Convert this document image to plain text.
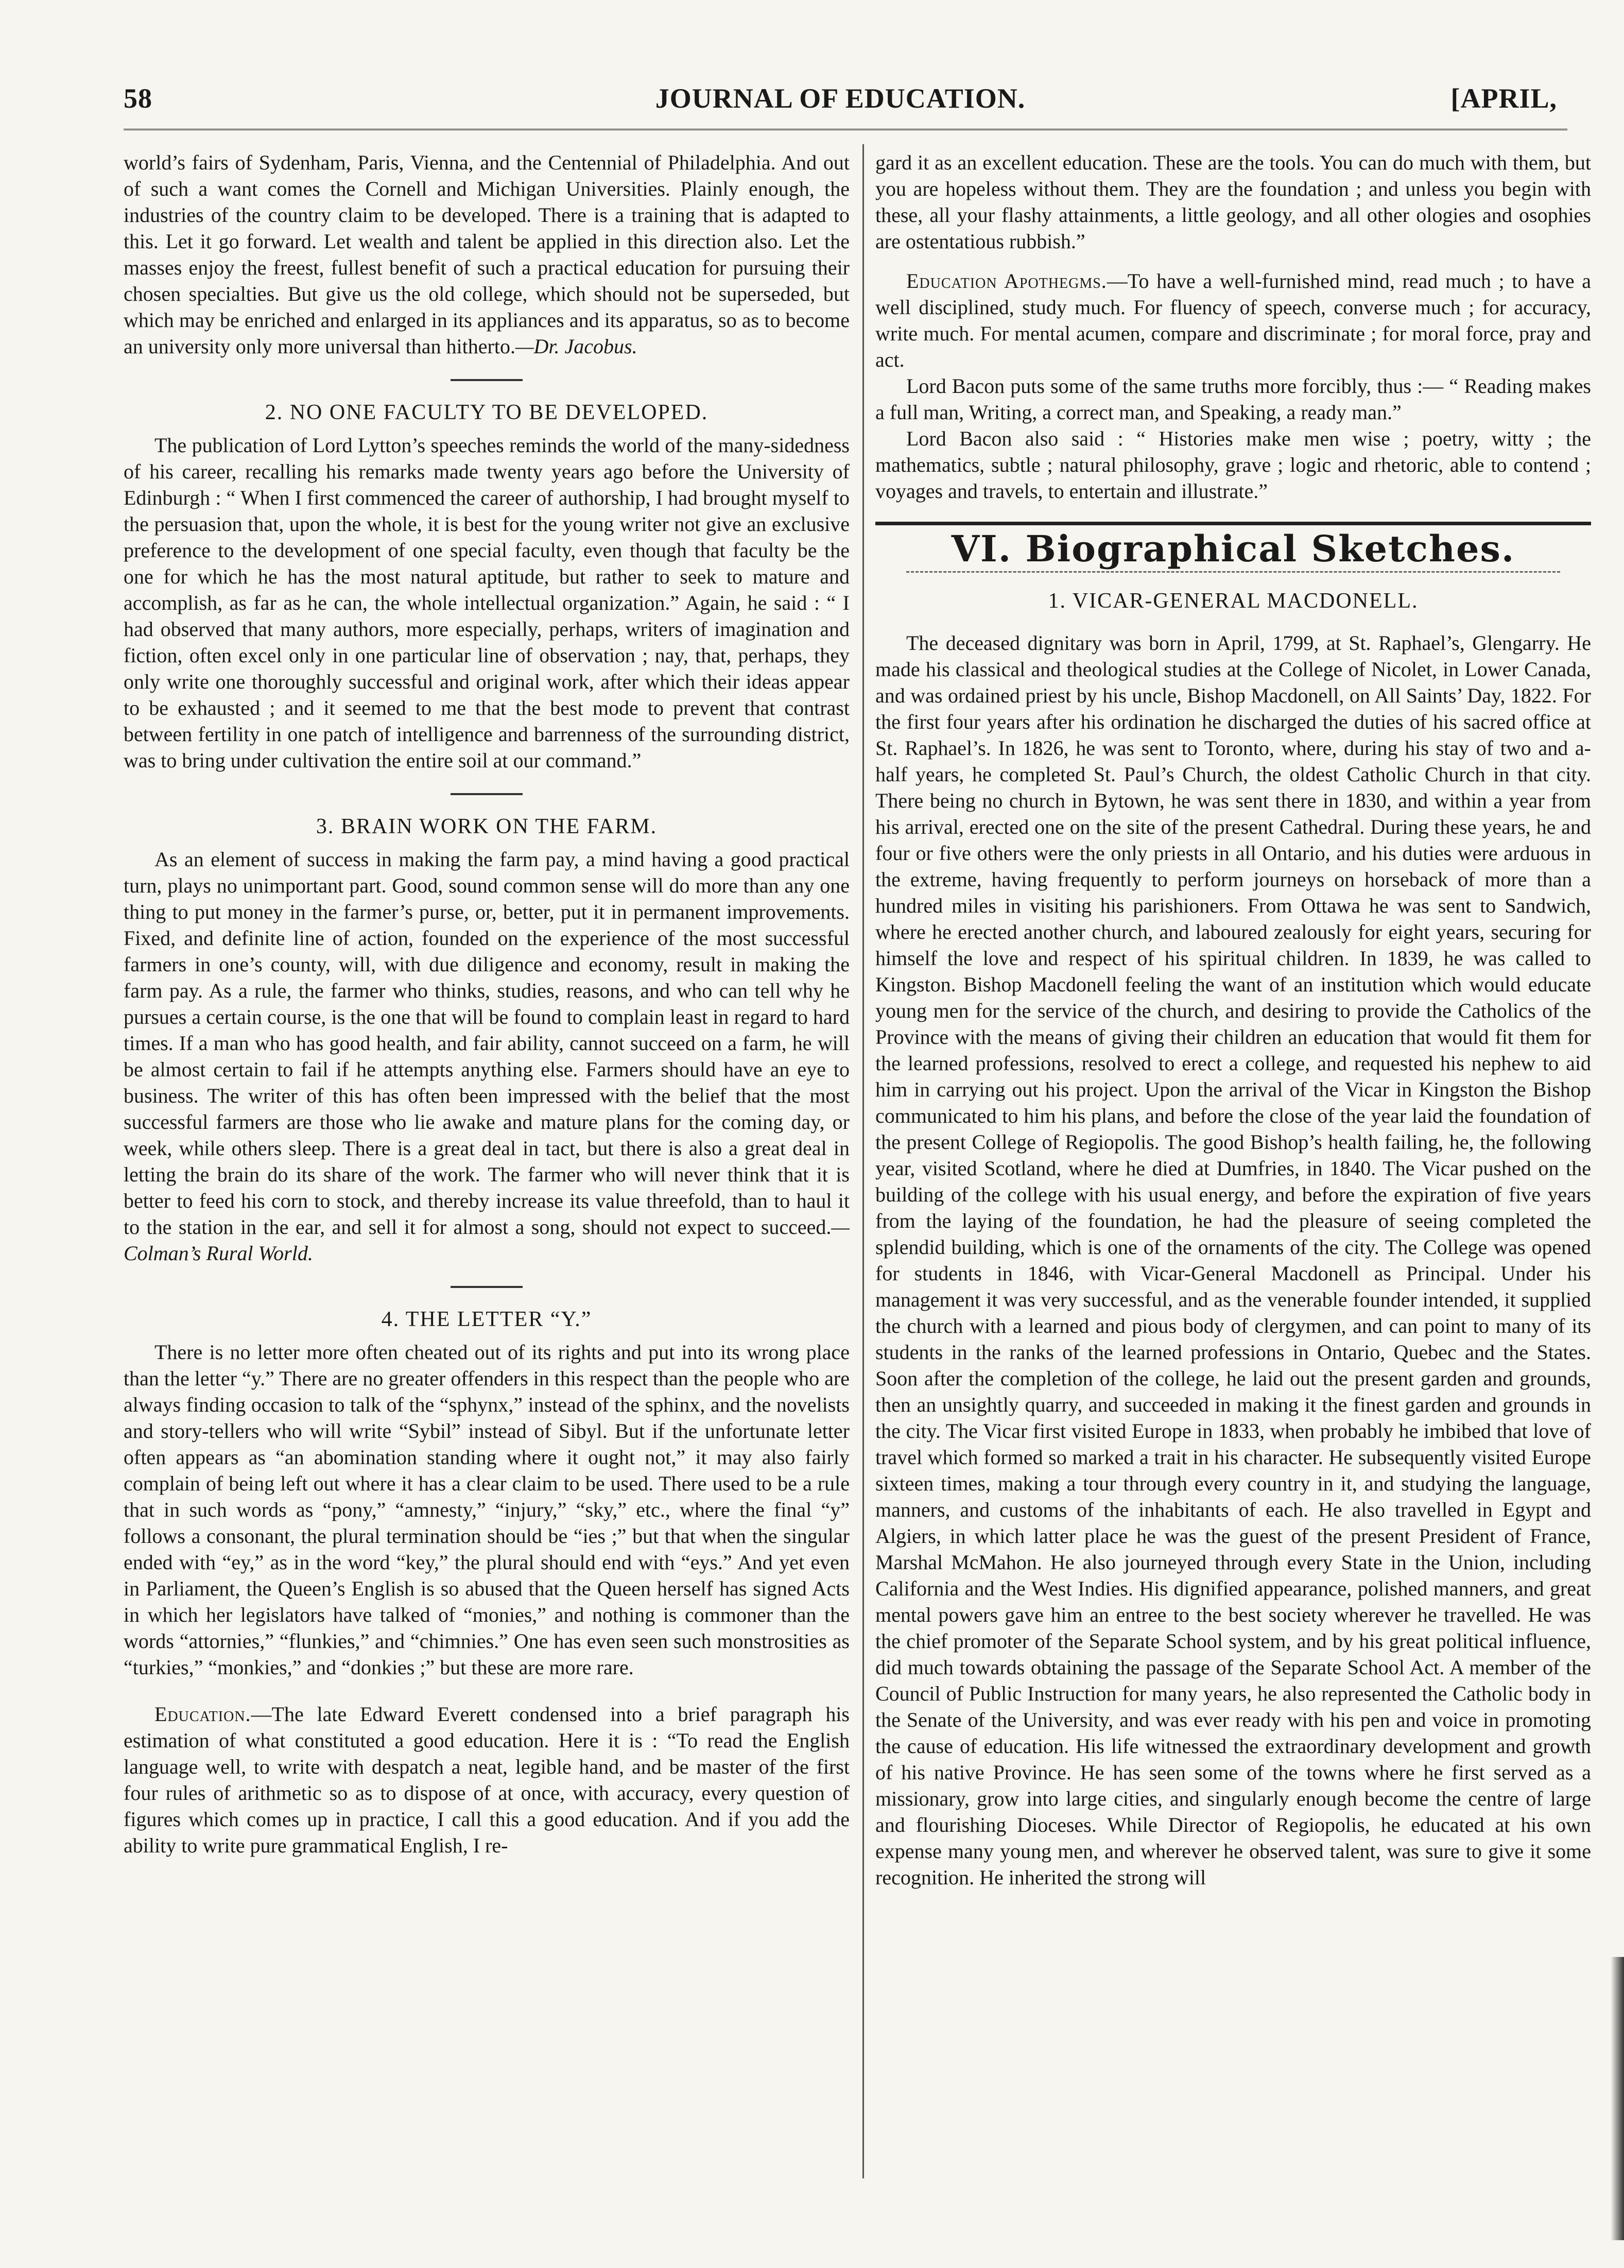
58	JOURNAL OF EDUCATION.	[APRIL,

world’s fairs of Sydenham, Paris, Vienna, and the Centennial of Philadelphia. And out of such a want comes the Cornell and Michigan Universities. Plainly enough, the industries of the country claim to be developed. There is a training that is adapted to this. Let it go forward. Let wealth and talent be applied in this direction also. Let the masses enjoy the freest, fullest benefit of such a practical education for pursuing their chosen specialties. But give us the old college, which should not be superseded, but which may be enriched and enlarged in its appliances and its apparatus, so as to become an university only more universal than hitherto.—Dr. Jacobus.

2. NO ONE FACULTY TO BE DEVELOPED.

The publication of Lord Lytton’s speeches reminds the world of the many-sidedness of his career, recalling his remarks made twenty years ago before the University of Edinburgh : “ When I first commenced the career of authorship, I had brought myself to the persuasion that, upon the whole, it is best for the young writer not give an exclusive preference to the development of one special faculty, even though that faculty be the one for which he has the most natural aptitude, but rather to seek to mature and accomplish, as far as he can, the whole intellectual organization.” Again, he said : “ I had observed that many authors, more especially, perhaps, writers of imagination and fiction, often excel only in one particular line of observation ; nay, that, perhaps, they only write one thoroughly successful and original work, after which their ideas appear to be exhausted ; and it seemed to me that the best mode to prevent that contrast between fertility in one patch of intelligence and barrenness of the surrounding district, was to bring under cultivation the entire soil at our command.”

3. BRAIN WORK ON THE FARM.

As an element of success in making the farm pay, a mind having a good practical turn, plays no unimportant part. Good, sound common sense will do more than any one thing to put money in the farmer’s purse, or, better, put it in permanent improvements. Fixed, and definite line of action, founded on the experience of the most successful farmers in one’s county, will, with due diligence and economy, result in making the farm pay. As a rule, the farmer who thinks, studies, reasons, and who can tell why he pursues a certain course, is the one that will be found to complain least in regard to hard times. If a man who has good health, and fair ability, cannot succeed on a farm, he will be almost certain to fail if he attempts anything else. Farmers should have an eye to business. The writer of this has often been impressed with the belief that the most successful farmers are those who lie awake and mature plans for the coming day, or week, while others sleep. There is a great deal in tact, but there is also a great deal in letting the brain do its share of the work. The farmer who will never think that it is better to feed his corn to stock, and thereby increase its value threefold, than to haul it to the station in the ear, and sell it for almost a song, should not expect to succeed.—Colman’s Rural World.

4. THE LETTER “Y.”

There is no letter more often cheated out of its rights and put into its wrong place than the letter “y.” There are no greater offenders in this respect than the people who are always finding occasion to talk of the “sphynx,” instead of the sphinx, and the novelists and story-tellers who will write “Sybil” instead of Sibyl. But if the unfortunate letter often appears as “an abomination standing where it ought not,” it may also fairly complain of being left out where it has a clear claim to be used. There used to be a rule that in such words as “pony,” “amnesty,” “injury,” “sky,” etc., where the final “y” follows a consonant, the plural termination should be “ies ;” but that when the singular ended with “ey,” as in the word “key,” the plural should end with “eys.” And yet even in Parliament, the Queen’s English is so abused that the Queen herself has signed Acts in which her legislators have talked of “monies,” and nothing is commoner than the words “attornies,” “flunkies,” and “chimnies.” One has even seen such monstrosities as “turkies,” “monkies,” and “donkies ;” but these are more rare.

Education.—The late Edward Everett condensed into a brief paragraph his estimation of what constituted a good education. Here it is : “To read the English language well, to write with despatch a neat, legible hand, and be master of the first four rules of arithmetic so as to dispose of at once, with accuracy, every question of figures which comes up in practice, I call this a good education. And if you add the ability to write pure grammatical English, I re-

gard it as an excellent education. These are the tools. You can do much with them, but you are hopeless without them. They are the foundation ; and unless you begin with these, all your flashy attainments, a little geology, and all other ologies and osophies are ostentatious rubbish.”

Education Apothegms.—To have a well-furnished mind, read much ; to have a well disciplined, study much. For fluency of speech, converse much ; for accuracy, write much. For mental acumen, compare and discriminate ; for moral force, pray and act.

Lord Bacon puts some of the same truths more forcibly, thus :— “ Reading makes a full man, Writing, a correct man, and Speaking, a ready man.”

Lord Bacon also said : “ Histories make men wise ; poetry, witty ; the mathematics, subtle ; natural philosophy, grave ; logic and rhetoric, able to contend ; voyages and travels, to entertain and illustrate.”

VI. Biographical Sketches.
1. VICAR-GENERAL MACDONELL.

The deceased dignitary was born in April, 1799, at St. Raphael’s, Glengarry. He made his classical and theological studies at the College of Nicolet, in Lower Canada, and was ordained priest by his uncle, Bishop Macdonell, on All Saints’ Day, 1822. For the first four years after his ordination he discharged the duties of his sacred office at St. Raphael’s. In 1826, he was sent to Toronto, where, during his stay of two and a-half years, he completed St. Paul’s Church, the oldest Catholic Church in that city. There being no church in Bytown, he was sent there in 1830, and within a year from his arrival, erected one on the site of the present Cathedral. During these years, he and four or five others were the only priests in all Ontario, and his duties were arduous in the extreme, having frequently to perform journeys on horseback of more than a hundred miles in visiting his parishioners. From Ottawa he was sent to Sandwich, where he erected another church, and laboured zealously for eight years, securing for himself the love and respect of his spiritual children. In 1839, he was called to Kingston. Bishop Macdonell feeling the want of an institution which would educate young men for the service of the church, and desiring to provide the Catholics of the Province with the means of giving their children an education that would fit them for the learned professions, resolved to erect a college, and requested his nephew to aid him in carrying out his project. Upon the arrival of the Vicar in Kingston the Bishop communicated to him his plans, and before the close of the year laid the foundation of the present College of Regiopolis. The good Bishop’s health failing, he, the following year, visited Scotland, where he died at Dumfries, in 1840. The Vicar pushed on the building of the college with his usual energy, and before the expiration of five years from the laying of the foundation, he had the pleasure of seeing completed the splendid building, which is one of the ornaments of the city. The College was opened for students in 1846, with Vicar-General Macdonell as Principal. Under his management it was very successful, and as the venerable founder intended, it supplied the church with a learned and pious body of clergymen, and can point to many of its students in the ranks of the learned professions in Ontario, Quebec and the States. Soon after the completion of the college, he laid out the present garden and grounds, then an unsightly quarry, and succeeded in making it the finest garden and grounds in the city. The Vicar first visited Europe in 1833, when probably he imbibed that love of travel which formed so marked a trait in his character. He subsequently visited Europe sixteen times, making a tour through every country in it, and studying the language, manners, and customs of the inhabitants of each. He also travelled in Egypt and Algiers, in which latter place he was the guest of the present President of France, Marshal McMahon. He also journeyed through every State in the Union, including California and the West Indies. His dignified appearance, polished manners, and great mental powers gave him an entree to the best society wherever he travelled. He was the chief promoter of the Separate School system, and by his great political influence, did much towards obtaining the passage of the Separate School Act. A member of the Council of Public Instruction for many years, he also represented the Catholic body in the Senate of the University, and was ever ready with his pen and voice in promoting the cause of education. His life witnessed the extraordinary development and growth of his native Province. He has seen some of the towns where he first served as a missionary, grow into large cities, and singularly enough become the centre of large and flourishing Dioceses. While Director of Regiopolis, he educated at his own expense many young men, and wherever he observed talent, was sure to give it some recognition. He inherited the strong will
